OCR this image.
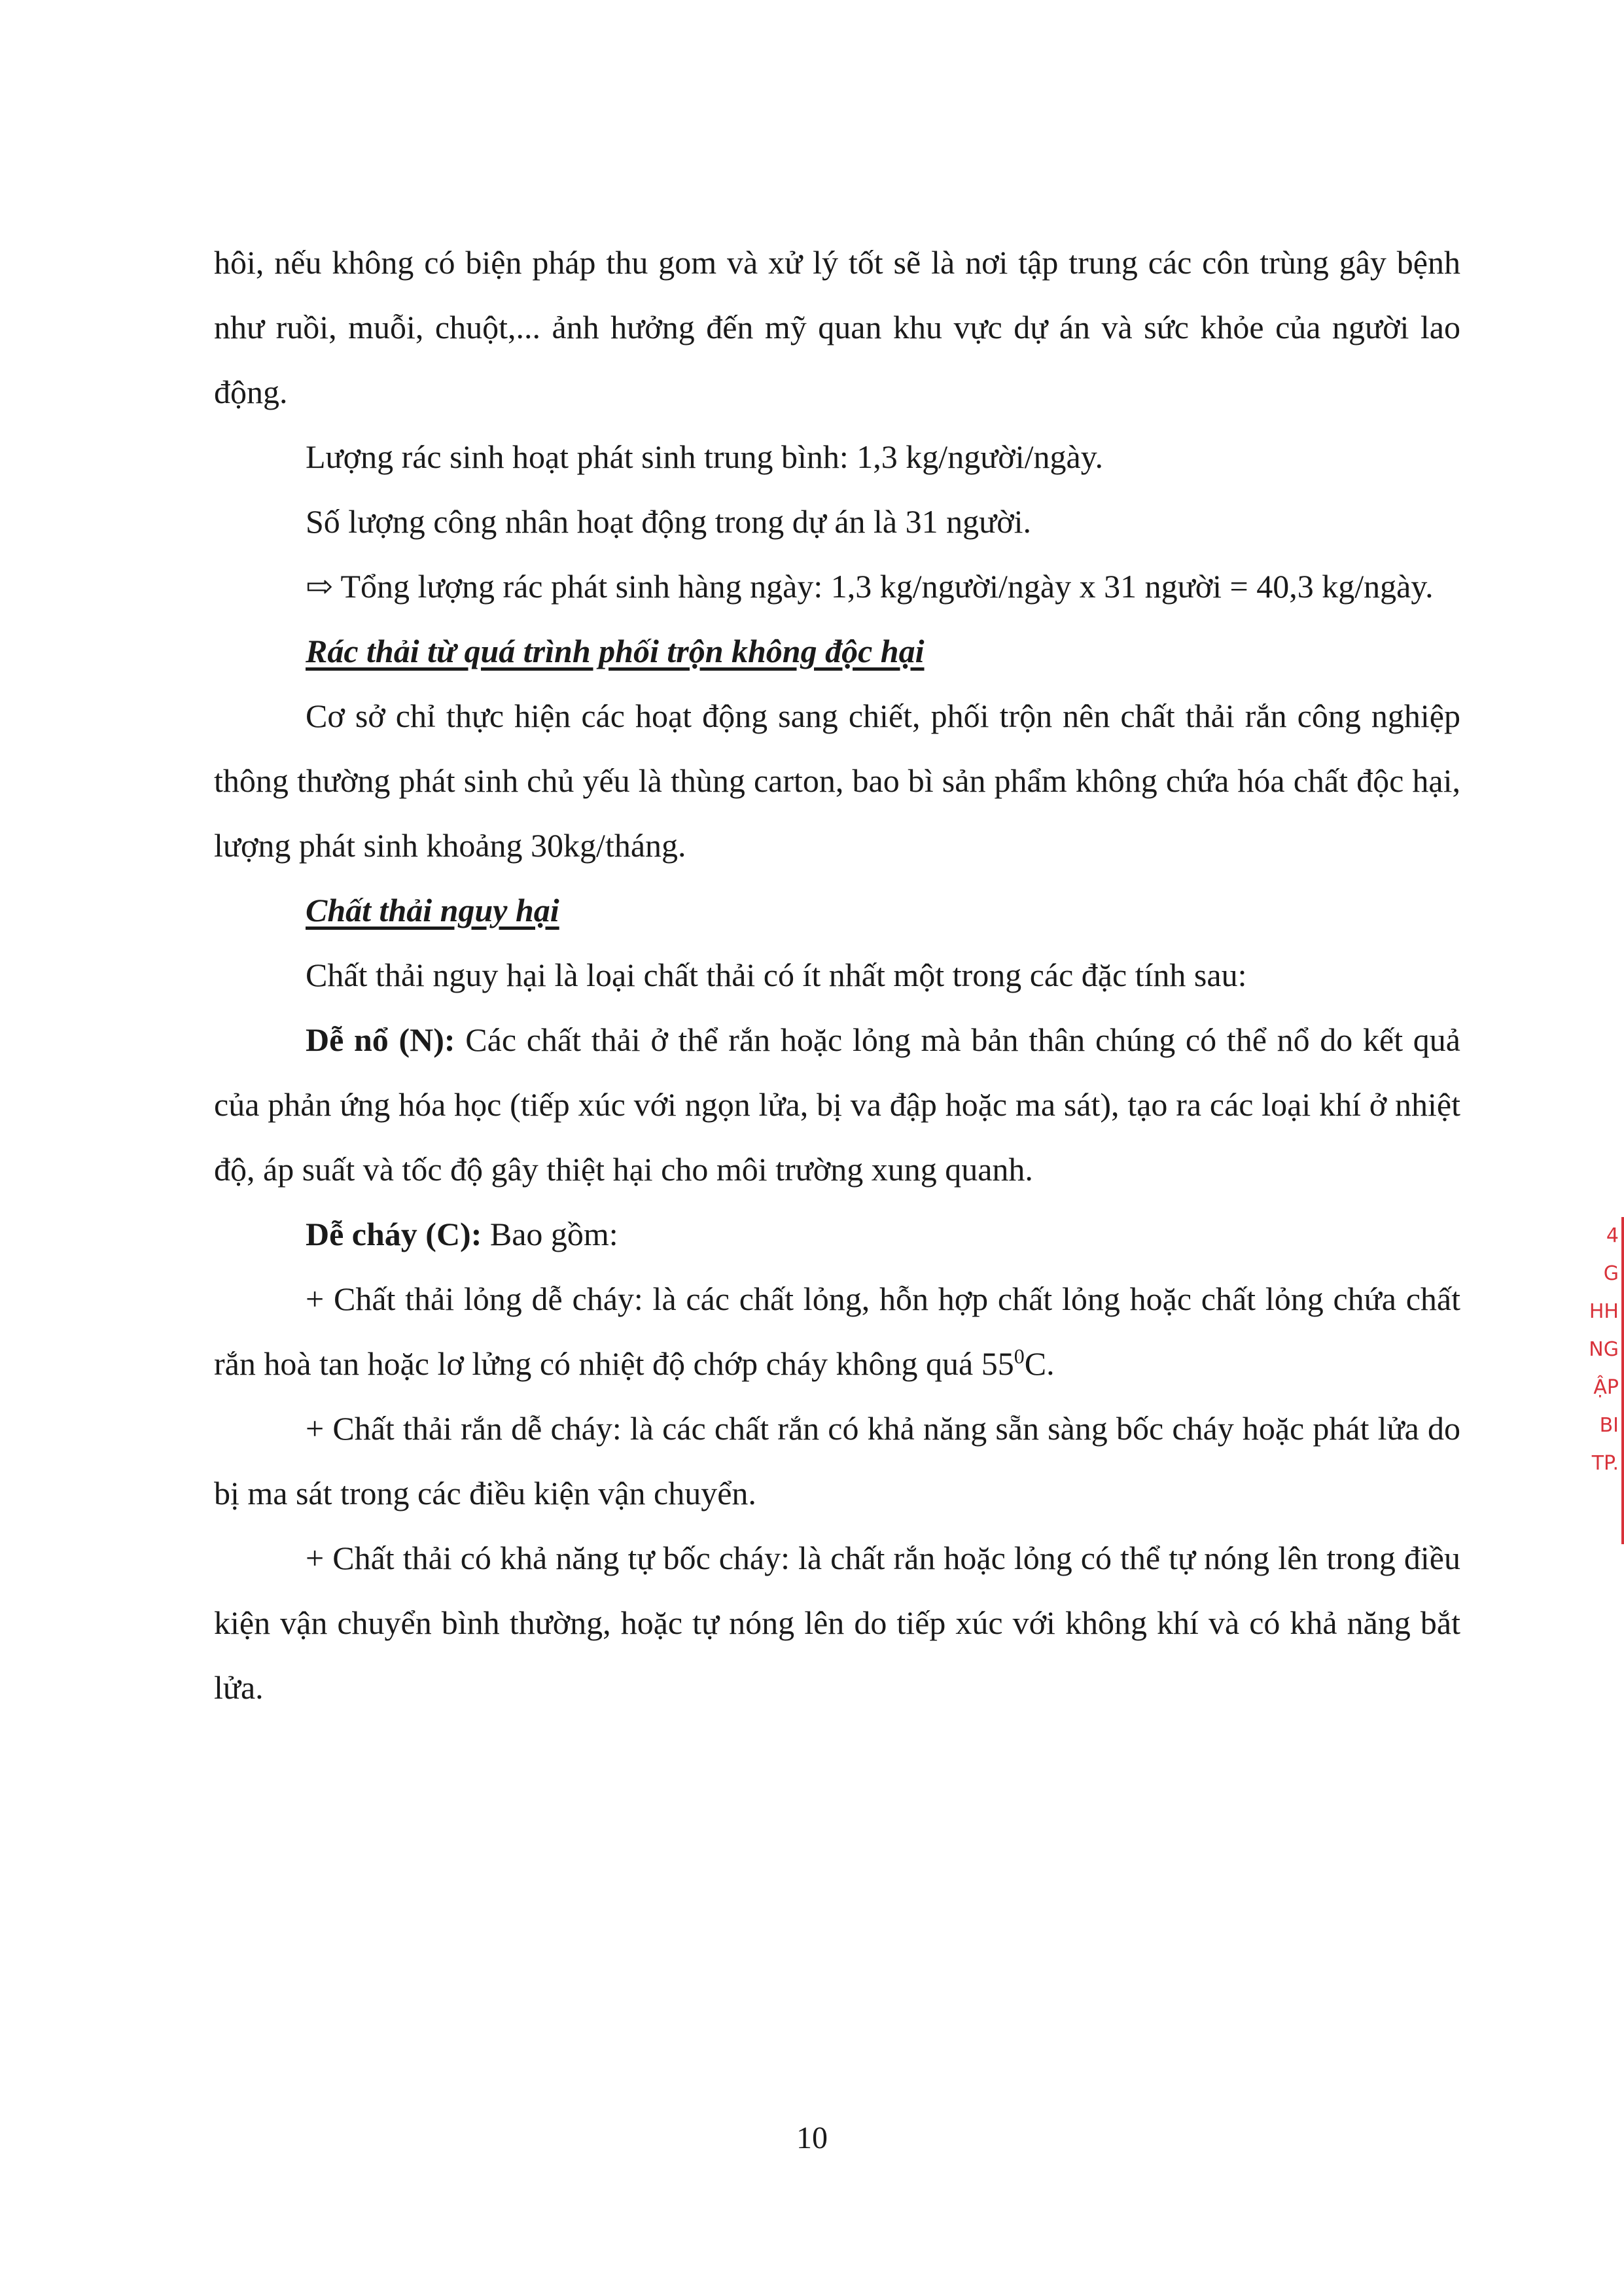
hôi, nếu không có biện pháp thu gom và xử lý tốt sẽ là nơi tập trung các côn trùng gây bệnh như ruồi, muỗi, chuột,... ảnh hưởng đến mỹ quan khu vực dự án và sức khỏe của người lao động.

Lượng rác sinh hoạt phát sinh trung bình: 1,3 kg/người/ngày.

Số lượng công nhân hoạt động trong dự án là 31 người.

⇨ Tổng lượng rác phát sinh hàng ngày: 1,3 kg/người/ngày x 31 người = 40,3 kg/ngày.

Rác thải từ quá trình phối trộn không độc hại

Cơ sở chỉ thực hiện các hoạt động sang chiết, phối trộn nên chất thải rắn công nghiệp thông thường phát sinh chủ yếu là thùng carton, bao bì sản phẩm không chứa hóa chất độc hại, lượng phát sinh khoảng 30kg/tháng.

Chất thải nguy hại

Chất thải nguy hại là loại chất thải có ít nhất một trong các đặc tính sau:

Dễ nổ (N): Các chất thải ở thể rắn hoặc lỏng mà bản thân chúng có thể nổ do kết quả của phản ứng hóa học (tiếp xúc với ngọn lửa, bị va đập hoặc ma sát), tạo ra các loại khí ở nhiệt độ, áp suất và tốc độ gây thiệt hại cho môi trường xung quanh.

Dễ cháy (C): Bao gồm:

+ Chất thải lỏng dễ cháy: là các chất lỏng, hỗn hợp chất lỏng hoặc chất lỏng chứa chất rắn hoà tan hoặc lơ lửng có nhiệt độ chớp cháy không quá $55^0C$.

+ Chất thải rắn dễ cháy: là các chất rắn có khả năng sẵn sàng bốc cháy hoặc phát lửa do bị ma sát trong các điều kiện vận chuyển.

+ Chất thải có khả năng tự bốc cháy: là chất rắn hoặc lỏng có thể tự nóng lên trong điều kiện vận chuyển bình thường, hoặc tự nóng lên do tiếp xúc với không khí và có khả năng bắt lửa.

4
G
HH
NG
ẬP
BI
TP.
10
